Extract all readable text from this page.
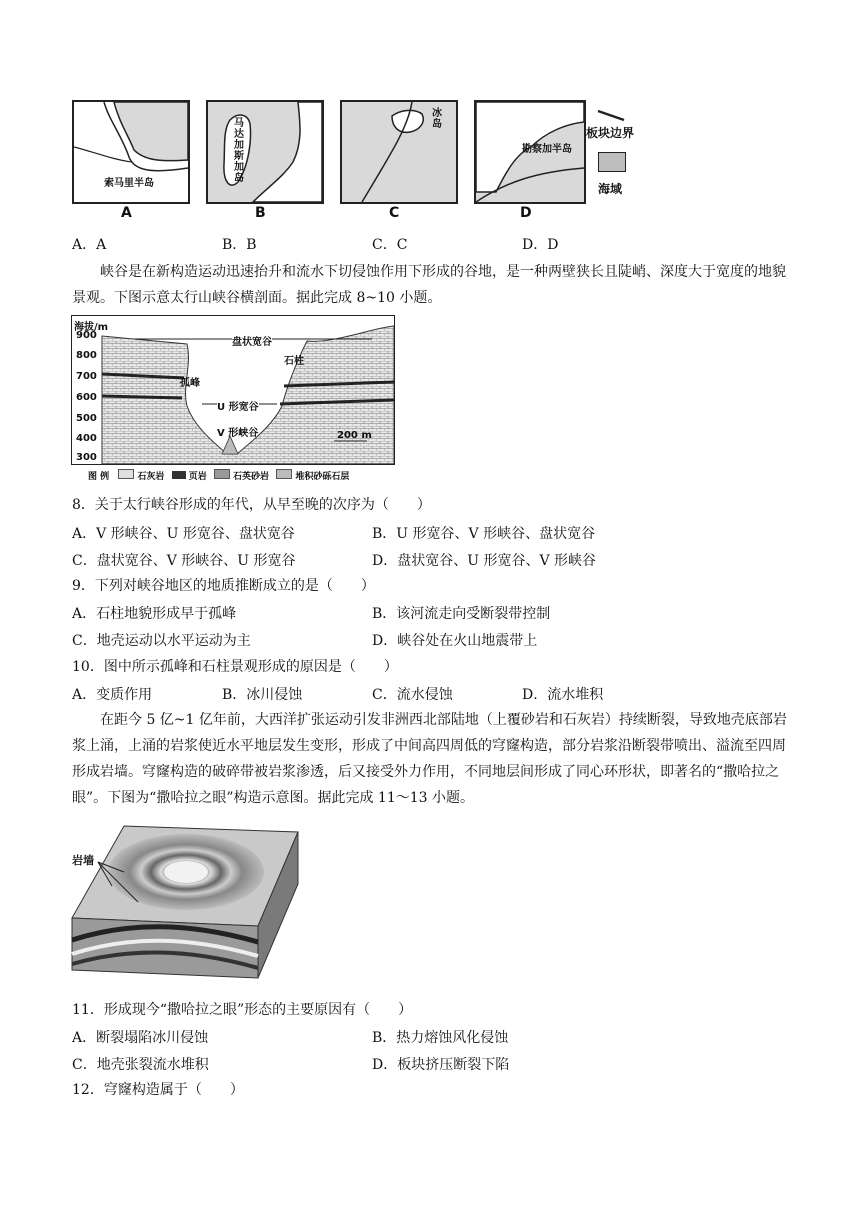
索马里半岛
A
马达加斯加岛
B
冰岛
C
勘察加半岛
D
板块边界
海域
A．A	B．B	C．C	D．D
峡谷是在新构造运动迅速抬升和流水下切侵蚀作用下形成的谷地，是一种两壁狭长且陡峭、深度大于宽度的地貌景观。下图示意太行山峡谷横剖面。据此完成 8~10 小题。
海拔/m
900
800
700
600
500
400
300
盘状宽谷
石柱
孤峰
U 形宽谷
V 形峡谷	200 m
图 例	石灰岩	页岩	石英砂岩	堆积砂砾石层
8．关于太行峡谷形成的年代，从早至晚的次序为（　　）
A．V 形峡谷、U 形宽谷、盘状宽谷	B．U 形宽谷、V 形峡谷、盘状宽谷
C．盘状宽谷、V 形峡谷、U 形宽谷	D．盘状宽谷、U 形宽谷、V 形峡谷
9．下列对峡谷地区的地质推断成立的是（　　）
A．石柱地貌形成早于孤峰	B．该河流走向受断裂带控制
C．地壳运动以水平运动为主	D．峡谷处在火山地震带上
10．图中所示孤峰和石柱景观形成的原因是（　　）
A．变质作用	B．冰川侵蚀	C．流水侵蚀	D．流水堆积
在距今 5 亿~1 亿年前，大西洋扩张运动引发非洲西北部陆地（上覆砂岩和石灰岩）持续断裂，导致地壳底部岩浆上涌，上涌的岩浆使近水平地层发生变形，形成了中间高四周低的穹窿构造，部分岩浆沿断裂带喷出、溢流至四周形成岩墙。穹窿构造的破碎带被岩浆渗透，后又接受外力作用，不同地层间形成了同心环形状，即著名的“撒哈拉之眼”。下图为“撒哈拉之眼”构造示意图。据此完成 11～13 小题。
岩墙
11．形成现今“撒哈拉之眼”形态的主要原因有（　　）
A．断裂塌陷冰川侵蚀	B．热力熔蚀风化侵蚀
C．地壳张裂流水堆积	D．板块挤压断裂下陷
12．穹窿构造属于（　　）
